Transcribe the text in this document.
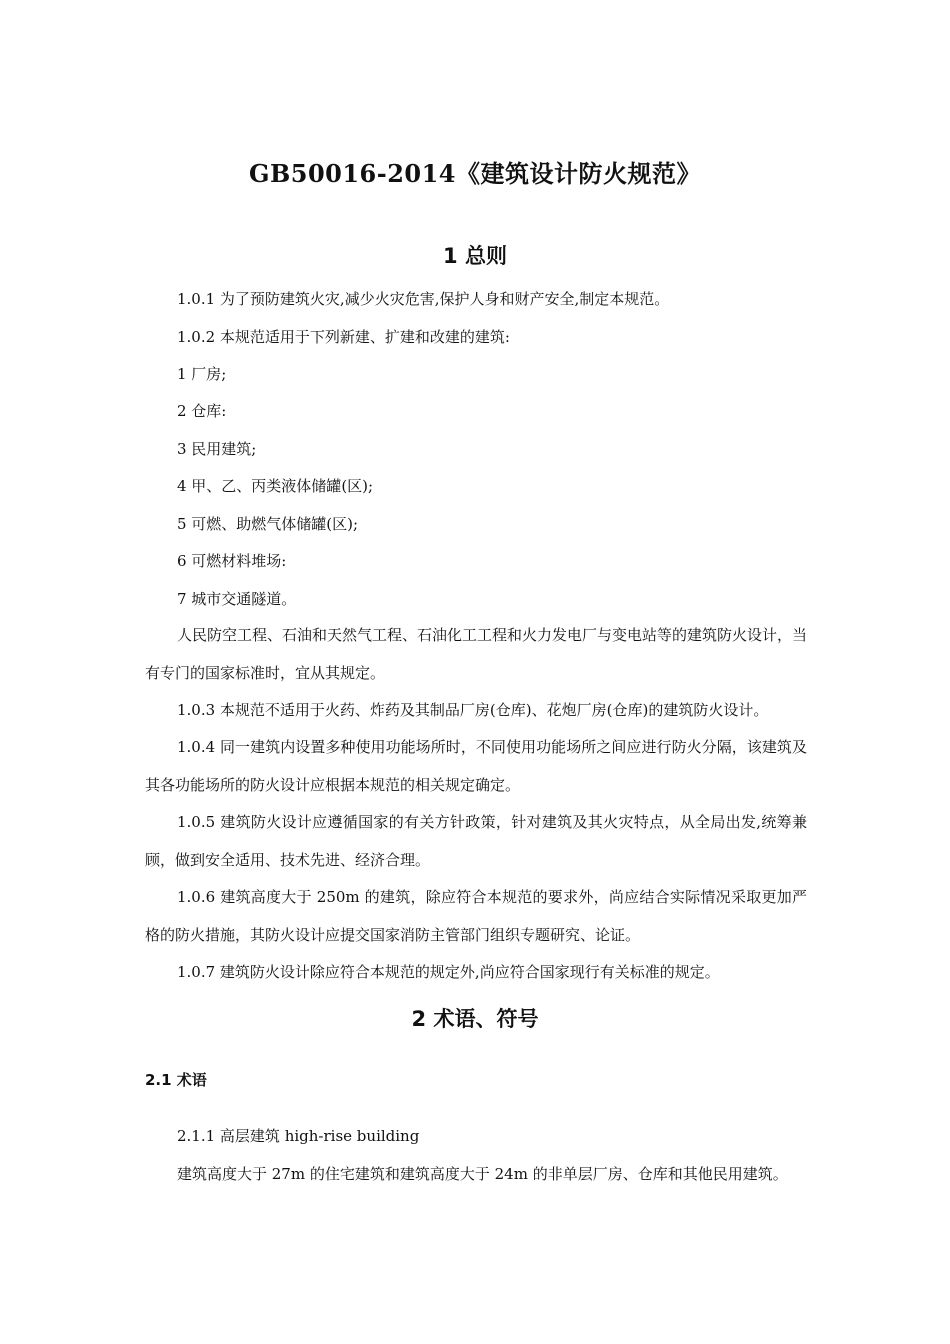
GB50016-2014《建筑设计防火规范》
1 总则

1.0.1 为了预防建筑火灾,减少火灾危害,保护人身和财产安全,制定本规范。

1.0.2 本规范适用于下列新建、扩建和改建的建筑:

1 厂房;

2 仓库:

3 民用建筑;

4 甲、乙、丙类液体储罐(区);

5 可燃、助燃气体储罐(区);

6 可燃材料堆场:

7 城市交通隧道。

人民防空工程、石油和天然气工程、石油化工工程和火力发电厂与变电站等的建筑防火设计，当有专门的国家标准时，宜从其规定。

1.0.3 本规范不适用于火药、炸药及其制品厂房(仓库)、花炮厂房(仓库)的建筑防火设计。

1.0.4 同一建筑内设置多种使用功能场所时，不同使用功能场所之间应进行防火分隔，该建筑及其各功能场所的防火设计应根据本规范的相关规定确定。

1.0.5 建筑防火设计应遵循国家的有关方针政策，针对建筑及其火灾特点，从全局出发,统筹兼顾，做到安全适用、技术先进、经济合理。

1.0.6 建筑高度大于 250m 的建筑，除应符合本规范的要求外，尚应结合实际情况采取更加严格的防火措施，其防火设计应提交国家消防主管部门组织专题研究、论证。

1.0.7 建筑防火设计除应符合本规范的规定外,尚应符合国家现行有关标准的规定。

2 术语、符号
2.1 术语

2.1.1 高层建筑 high-rise building

建筑高度大于 27m 的住宅建筑和建筑高度大于 24m 的非单层厂房、仓库和其他民用建筑。
